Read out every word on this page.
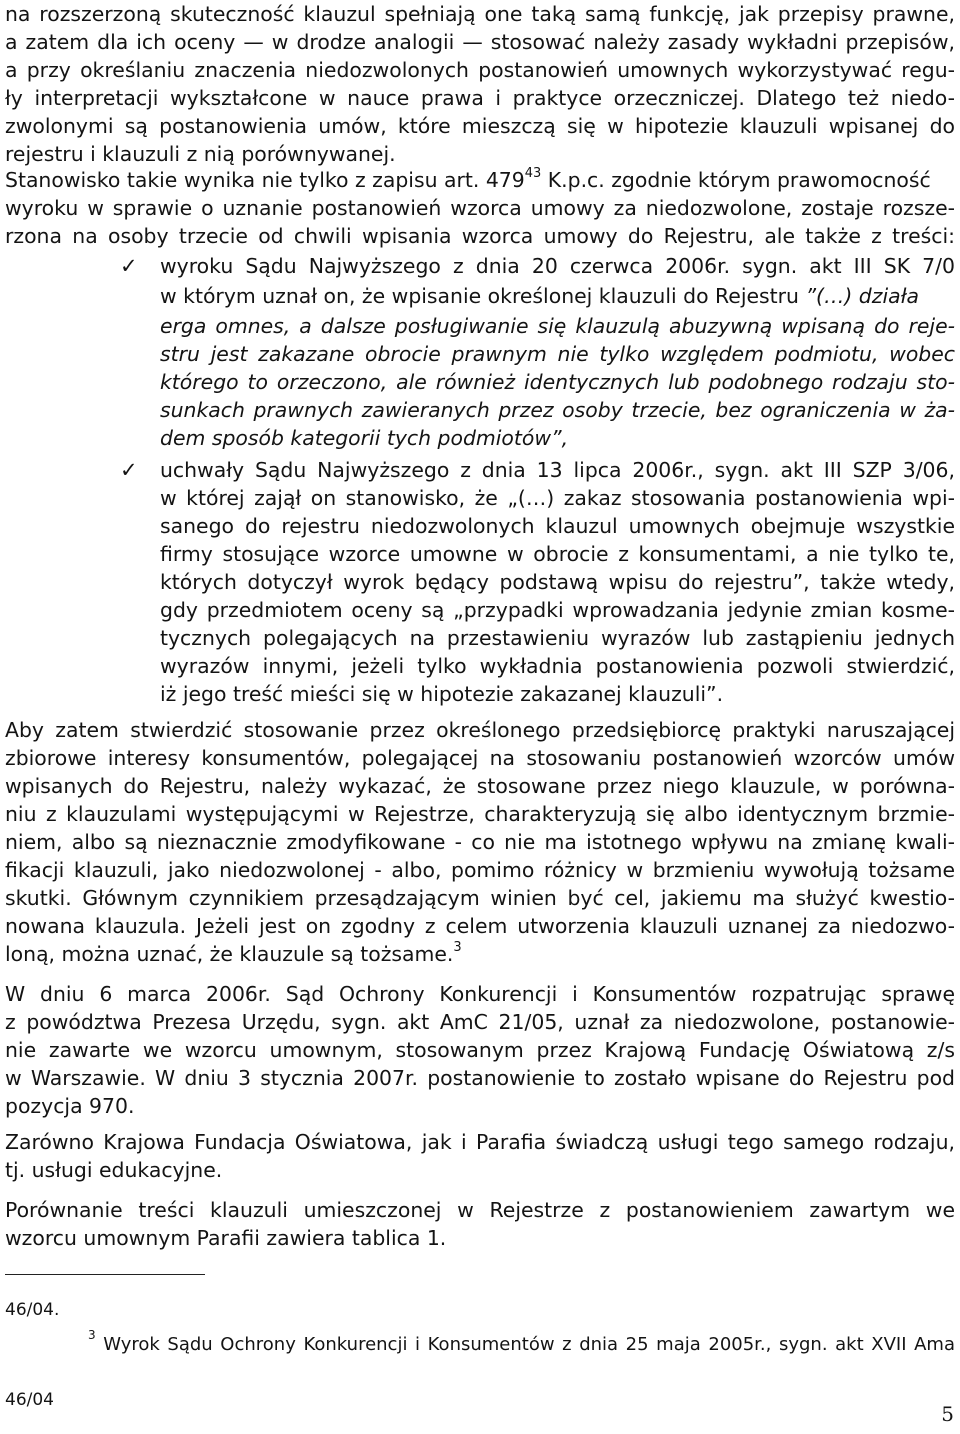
na rozszerzoną skuteczność klauzul spełniają one taką samą funkcję, jak przepisy prawne,
a zatem dla ich oceny — w drodze analogii — stosować należy zasady wykładni przepisów,
a przy określaniu znaczenia niedozwolonych postanowień umownych wykorzystywać regu-
ły interpretacji wykształcone w nauce prawa i praktyce orzeczniczej. Dlatego też niedo-
zwolonymi są postanowienia umów, które mieszczą się w hipotezie klauzuli wpisanej do
rejestru i klauzuli z nią porównywanej.
Stanowisko takie wynika nie tylko z zapisu art. $479^{43}$ K.p.c. zgodnie którym prawomocność
wyroku w sprawie o uznanie postanowień wzorca umowy za niedozwolone, zostaje rozsze-
rzona na osoby trzecie od chwili wpisania wzorca umowy do Rejestru, ale także z treści:
✓ wyroku Sądu Najwyższego z dnia 20 czerwca 2006r. sygn. akt III SK 7/0
w którym uznał on, że wpisanie określonej klauzuli do Rejestru ”(…) działa
erga omnes, a dalsze posługiwanie się klauzulą abuzywną wpisaną do reje-
stru jest zakazane obrocie prawnym nie tylko względem podmiotu, wobec
którego to orzeczono, ale również identycznych lub podobnego rodzaju sto-
sunkach prawnych zawieranych przez osoby trzecie, bez ograniczenia w ża-
dem sposób kategorii tych podmiotów”,
✓ uchwały Sądu Najwyższego z dnia 13 lipca 2006r., sygn. akt III SZP 3/06,
w której zajął on stanowisko, że „(…) zakaz stosowania postanowienia wpi-
sanego do rejestru niedozwolonych klauzul umownych obejmuje wszystkie
firmy stosujące wzorce umowne w obrocie z konsumentami, a nie tylko te,
których dotyczył wyrok będący podstawą wpisu do rejestru”, także wtedy,
gdy przedmiotem oceny są „przypadki wprowadzania jedynie zmian kosme-
tycznych polegających na przestawieniu wyrazów lub zastąpieniu jednych
wyrazów innymi, jeżeli tylko wykładnia postanowienia pozwoli stwierdzić,
iż jego treść mieści się w hipotezie zakazanej klauzuli”.
Aby zatem stwierdzić stosowanie przez określonego przedsiębiorcę praktyki naruszającej
zbiorowe interesy konsumentów, polegającej na stosowaniu postanowień wzorców umów
wpisanych do Rejestru, należy wykazać, że stosowane przez niego klauzule, w porówna-
niu z klauzulami występującymi w Rejestrze, charakteryzują się albo identycznym brzmie-
niem, albo są nieznacznie zmodyfikowane - co nie ma istotnego wpływu na zmianę kwali-
fikacji klauzuli, jako niedozwolonej - albo, pomimo różnicy w brzmieniu wywołują tożsame
skutki. Głównym czynnikiem przesądzającym winien być cel, jakiemu ma służyć kwestio-
nowana klauzula. Jeżeli jest on zgodny z celem utworzenia klauzuli uznanej za niedozwo-
loną, można uznać, że klauzule są tożsame.$^3$
W dniu 6 marca 2006r. Sąd Ochrony Konkurencji i Konsumentów rozpatrując sprawę
z powództwa Prezesa Urzędu, sygn. akt AmC 21/05, uznał za niedozwolone, postanowie-
nie zawarte we wzorcu umownym, stosowanym przez Krajową Fundację Oświatową z/s
w Warszawie. W dniu 3 stycznia 2007r. postanowienie to zostało wpisane do Rejestru pod
pozycja 970.
Zarówno Krajowa Fundacja Oświatowa, jak i Parafia świadczą usługi tego samego rodzaju,
tj. usługi edukacyjne.
Porównanie treści klauzuli umieszczonej w Rejestrze z postanowieniem zawartym we
wzorcu umownym Parafii zawiera tablica 1.
46/04.
$^3$ Wyrok Sądu Ochrony Konkurencji i Konsumentów z dnia 25 maja 2005r., sygn. akt XVII Ama
46/04
5
